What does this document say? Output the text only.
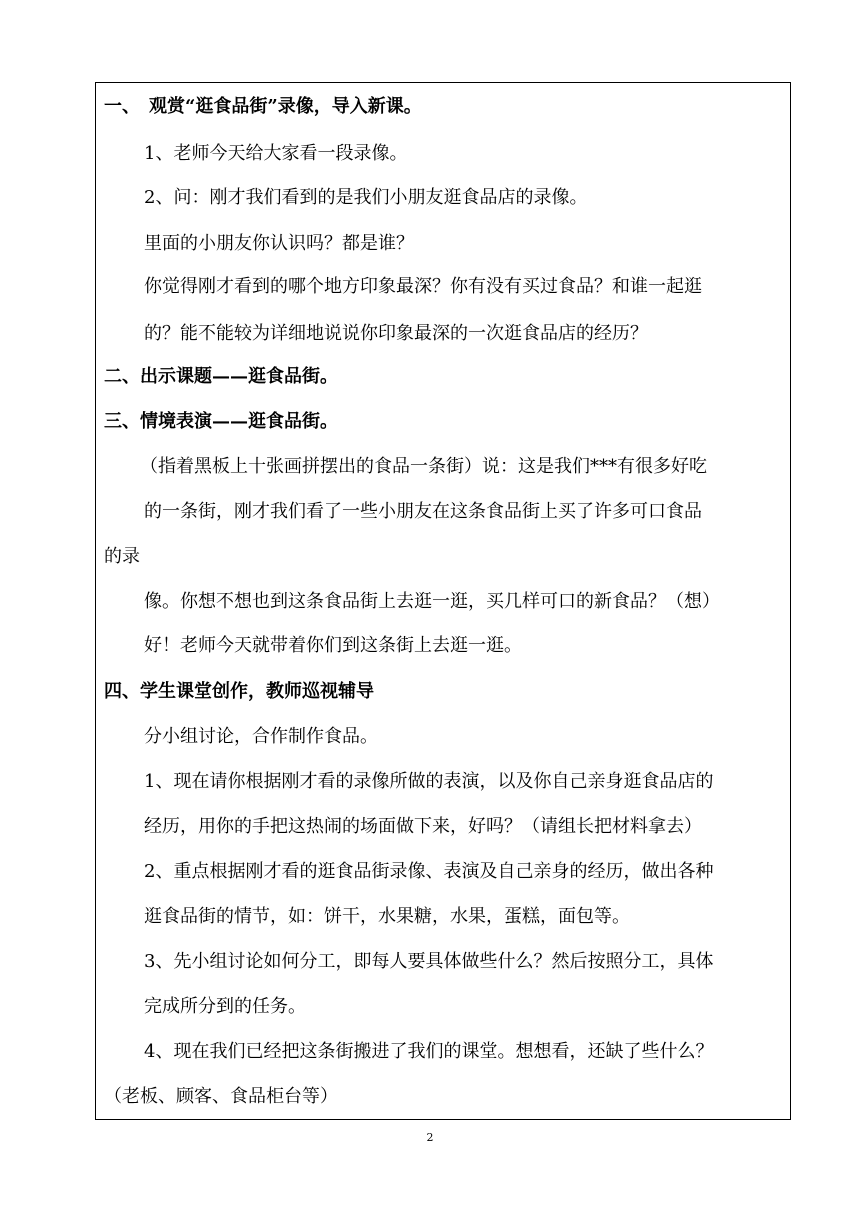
一、　观赏“逛食品街”录像，导入新课。
1、老师今天给大家看一段录像。
2、问：刚才我们看到的是我们小朋友逛食品店的录像。
里面的小朋友你认识吗？都是谁？
你觉得刚才看到的哪个地方印象最深？你有没有买过食品？和谁一起逛
的？能不能较为详细地说说你印象最深的一次逛食品店的经历？
二、出示课题——逛食品街。
三、情境表演——逛食品街。
（指着黑板上十张画拼摆出的食品一条街）说：这是我们***有很多好吃
的一条街，刚才我们看了一些小朋友在这条食品街上买了许多可口食品
的录
像。你想不想也到这条食品街上去逛一逛，买几样可口的新食品？（想）
好！老师今天就带着你们到这条街上去逛一逛。
四、学生课堂创作，教师巡视辅导
分小组讨论，合作制作食品。
1、现在请你根据刚才看的录像所做的表演，以及你自己亲身逛食品店的
经历，用你的手把这热闹的场面做下来，好吗？（请组长把材料拿去）
2、重点根据刚才看的逛食品街录像、表演及自己亲身的经历，做出各种
逛食品街的情节，如：饼干，水果糖，水果，蛋糕，面包等。
3、先小组讨论如何分工，即每人要具体做些什么？然后按照分工，具体
完成所分到的任务。
4、现在我们已经把这条街搬进了我们的课堂。想想看，还缺了些什么？
（老板、顾客、食品柜台等）
2
